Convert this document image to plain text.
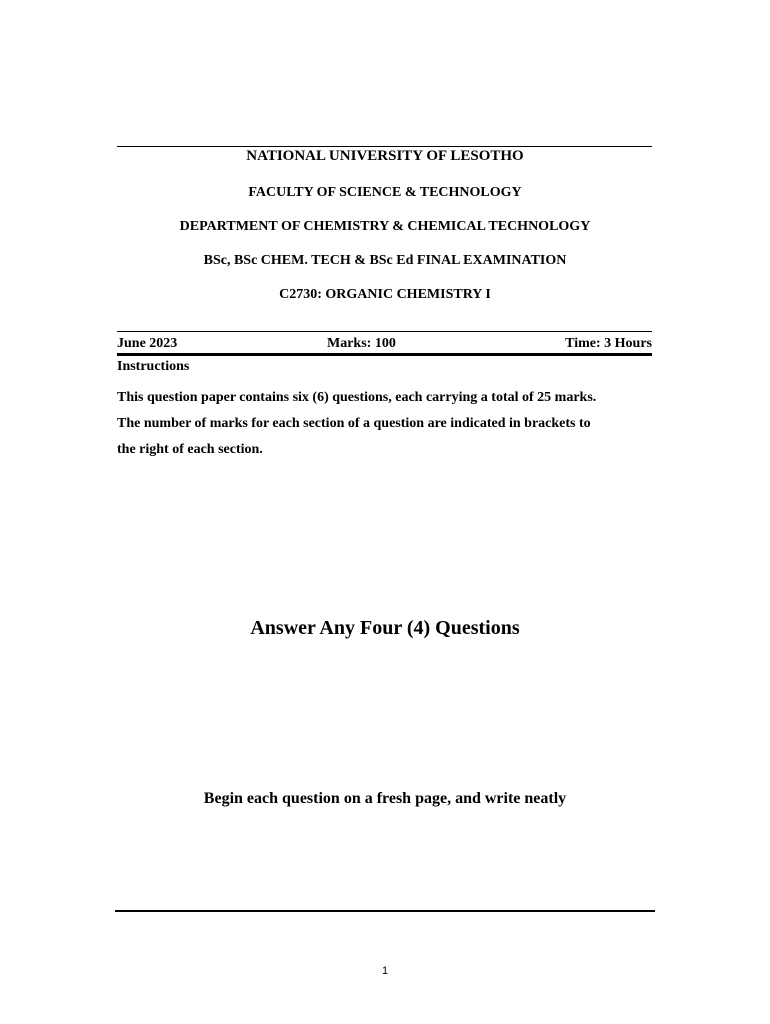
NATIONAL UNIVERSITY OF LESOTHO
FACULTY OF SCIENCE & TECHNOLOGY
DEPARTMENT OF CHEMISTRY & CHEMICAL TECHNOLOGY
BSc, BSc CHEM. TECH & BSc Ed FINAL EXAMINATION
C2730: ORGANIC CHEMISTRY I
June 2023	Marks: 100	Time: 3 Hours
Instructions
This question paper contains six (6) questions, each carrying a total of 25 marks.
The number of marks for each section of a question are indicated in brackets to
the right of each section.
Answer Any Four (4) Questions
Begin each question on a fresh page, and write neatly
1
